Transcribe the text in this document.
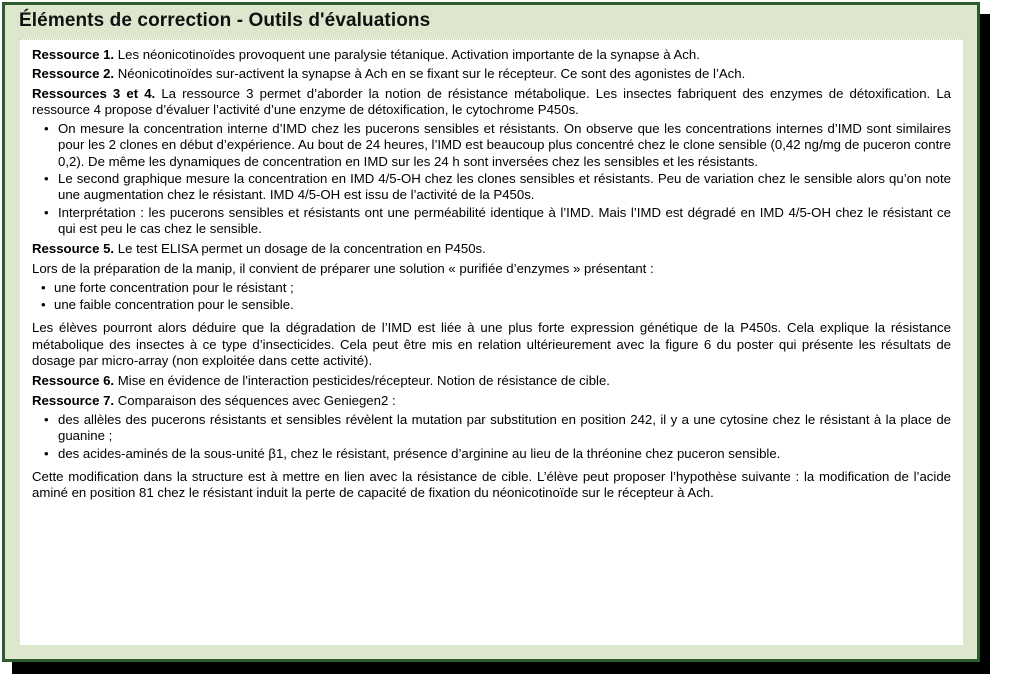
Éléments de correction - Outils d'évaluations

Ressource 1. Les néonicotinoïdes provoquent une paralysie tétanique. Activation importante de la synapse à Ach.

Ressource 2. Néonicotinoïdes sur-activent la synapse à Ach en se fixant sur le récepteur. Ce sont des agonistes de l’Ach.

Ressources 3 et 4. La ressource 3 permet d’aborder la notion de résistance métabolique. Les insectes fabriquent des enzymes de détoxification. La ressource 4 propose d’évaluer l’activité d’une enzyme de détoxification, le cytochrome P450s.

• On mesure la concentration interne d’IMD chez les pucerons sensibles et résistants. On observe que les concentrations internes d’IMD sont similaires pour les 2 clones en début d’expérience. Au bout de 24 heures, l’IMD est beaucoup plus concentré chez le clone sensible (0,42 ng/mg de puceron contre 0,2). De même les dynamiques de concentration en IMD sur les 24 h sont inversées chez les sensibles et les résistants.
• Le second graphique mesure la concentration en IMD 4/5-OH chez les clones sensibles et résistants. Peu de variation chez le sensible alors qu’on note une augmentation chez le résistant. IMD 4/5-OH est issu de l’activité de la P450s.
• Interprétation : les pucerons sensibles et résistants ont une perméabilité identique à l’IMD. Mais l’IMD est dégradé en IMD 4/5-OH chez le résistant ce qui est peu le cas chez le sensible.

Ressource 5. Le test ELISA permet un dosage de la concentration en P450s.

Lors de la préparation de la manip, il convient de préparer une solution « purifiée d’enzymes » présentant :

• une forte concentration pour le résistant ;
• une faible concentration pour le sensible.

Les élèves pourront alors déduire que la dégradation de l’IMD est liée à une plus forte expression génétique de la P450s. Cela explique la résistance métabolique des insectes à ce type d’insecticides. Cela peut être mis en relation ultérieurement avec la figure 6 du poster qui présente les résultats de dosage par micro-array (non exploitée dans cette activité).

Ressource 6. Mise en évidence de l'interaction pesticides/récepteur. Notion de résistance de cible.

Ressource 7. Comparaison des séquences avec Geniegen2 :

• des allèles des pucerons résistants et sensibles révèlent la mutation par substitution en position 242, il y a une cytosine chez le résistant à la place de guanine ;
• des acides-aminés de la sous-unité β1, chez le résistant, présence d’arginine au lieu de la thréonine chez puceron sensible.

Cette modification dans la structure est à mettre en lien avec la résistance de cible. L’élève peut proposer l’hypothèse suivante : la modification de l’acide aminé en position 81 chez le résistant induit la perte de capacité de fixation du néonicotinoïde sur le récepteur à Ach.
